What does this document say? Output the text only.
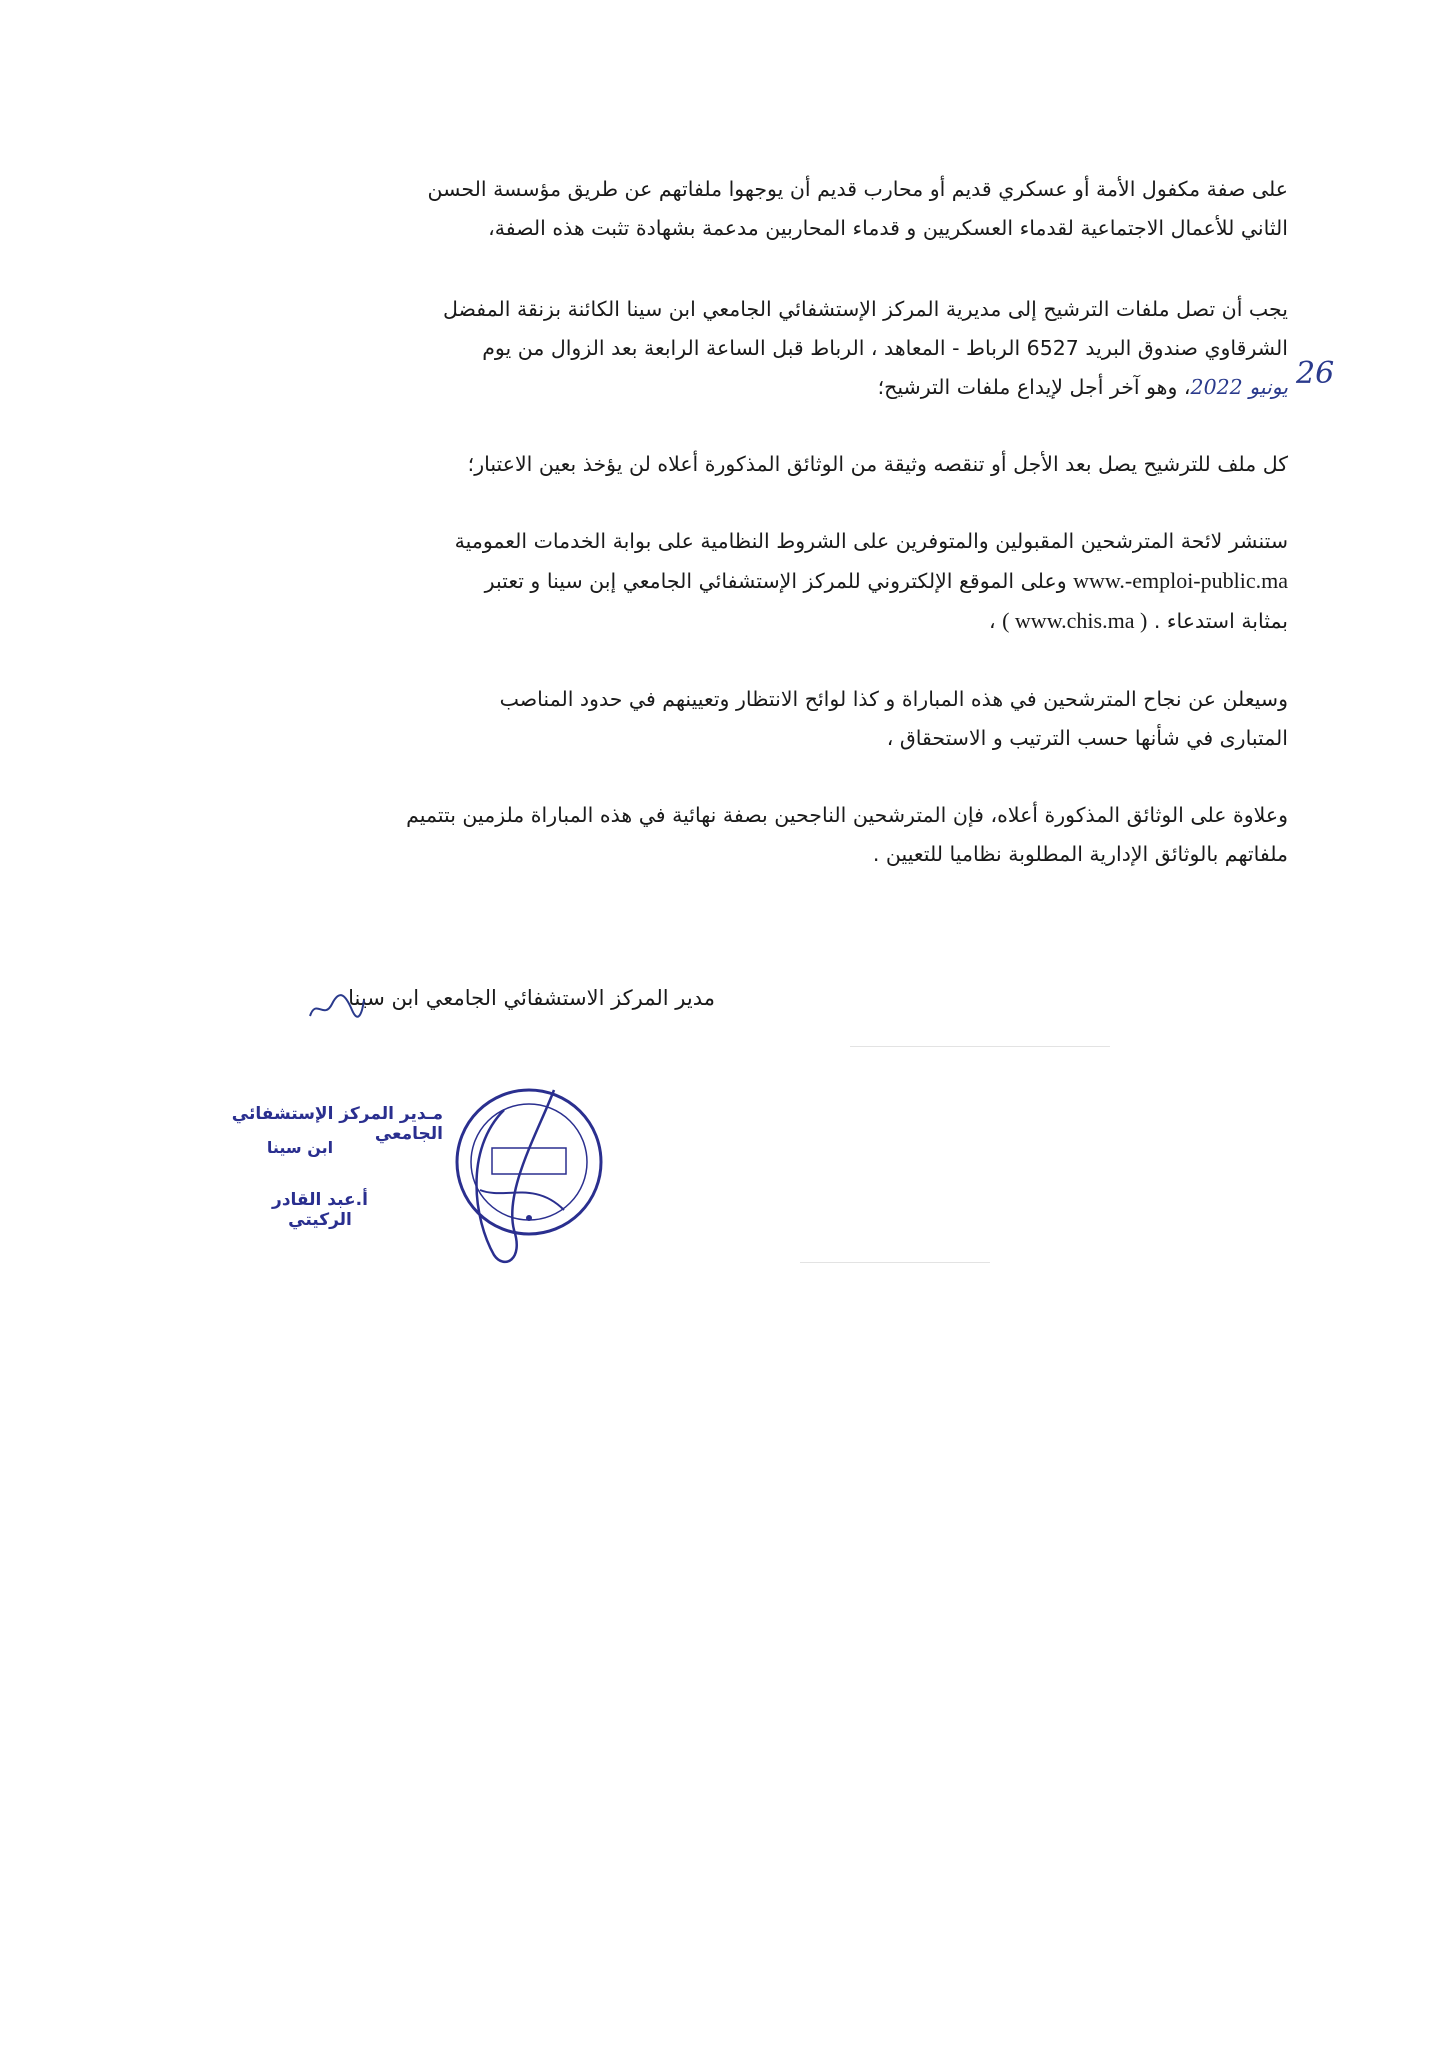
على صفة مكفول الأمة أو عسكري قديم أو محارب قديم أن يوجهوا ملفاتهم عن طريق مؤسسة الحسن

الثاني للأعمال الاجتماعية لقدماء العسكريين و قدماء المحاربين مدعمة بشهادة تثبت هذه الصفة،

يجب أن تصل ملفات الترشيح إلى مديرية المركز الإستشفائي الجامعي ابن سينا الكائنة بزنقة المفضل

الشرقاوي صندوق البريد 6527 الرباط - المعاهد ، الرباط قبل الساعة الرابعة بعد الزوال من يوم

يونيو 2022، وهو آخر أجل لإيداع ملفات الترشيح؛	26

كل ملف للترشيح يصل بعد الأجل أو تنقصه وثيقة من الوثائق المذكورة أعلاه لن يؤخذ بعين الاعتبار؛

ستنشر لائحة المترشحين المقبولين والمتوفرين على الشروط النظامية على بوابة الخدمات العمومية

www.-emploi-public.ma وعلى الموقع الإلكتروني للمركز الإستشفائي الجامعي إبن سينا و تعتبر

بمثابة استدعاء . ( www.chis.ma ) ،

وسيعلن عن نجاح المترشحين في هذه المباراة و كذا لوائح الانتظار وتعيينهم في حدود المناصب

المتبارى في شأنها حسب الترتيب و الاستحقاق ،

وعلاوة على الوثائق المذكورة أعلاه، فإن المترشحين الناجحين بصفة نهائية في هذه المباراة ملزمين بتتميم

ملفاتهم بالوثائق الإدارية المطلوبة نظاميا للتعيين .

مدير المركز الاستشفائي الجامعي ابن سينا
مـدير المركز الإستشفائي الجامعي
ابن سينا
أ.عبد القادر الركيتي
